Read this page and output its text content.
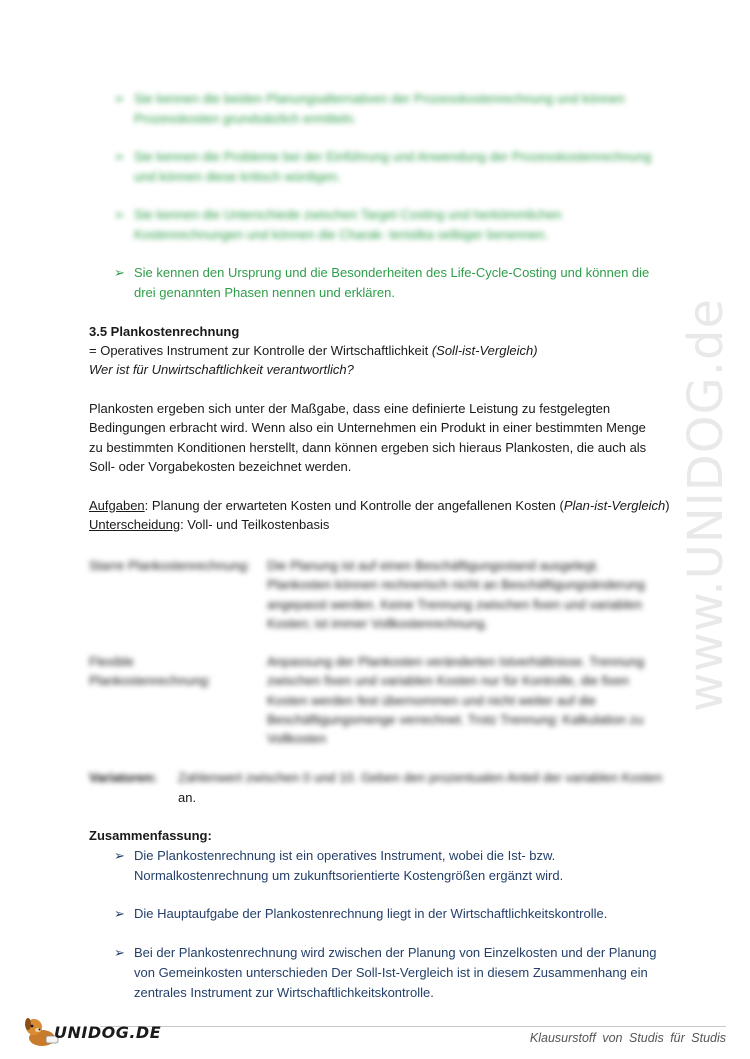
➢ Sie kennen die beiden Planungsalternativen der Prozesskostenrechnung und können Prozesskosten grundsätzlich ermitteln.
➢ Sie kennen die Probleme bei der Einführung und Anwendung der Prozesskostenrechnung und können diese kritisch würdigen.
➢ Sie kennen die Unterschiede zwischen Target Costing und herkömmlichen Kostenrechnungen und können die Charak- teristika selbiger benennen.
➢ Sie kennen den Ursprung und die Besonderheiten des Life-Cycle-Costing und können die drei genannten Phasen nennen und erklären.
3.5 Plankostenrechnung
= Operatives Instrument zur Kontrolle der Wirtschaftlichkeit (Soll-ist-Vergleich)
Wer ist für Unwirtschaftlichkeit verantwortlich?
Plankosten ergeben sich unter der Maßgabe, dass eine definierte Leistung zu festgelegten Bedingungen erbracht wird. Wenn also ein Unternehmen ein Produkt in einer bestimmten Menge zu bestimmten Konditionen herstellt, dann können ergeben sich hieraus Plankosten, die auch als Soll- oder Vorgabekosten bezeichnet werden.
Aufgaben: Planung der erwarteten Kosten und Kontrolle der angefallenen Kosten (Plan-ist-Vergleich)
Unterscheidung: Voll- und Teilkostenbasis
Starre Plankostenrechnung:	Die Planung ist auf einen Beschäftigungsstand ausgelegt. Plankosten können rechnerisch nicht an Beschäftigungsänderung angepasst werden. Keine Trennung zwischen fixen und variablen Kosten; ist immer Vollkostenrechnung.
Flexible Plankostenrechnung:
Anpassung der Plankosten veränderten Istverhältnisse. Trennung zwischen fixen und variablen Kosten nur für Kontrolle, die fixen Kosten werden fest übernommen und nicht weiter auf die Beschäftigungsmenge verrechnet. Trotz Trennung: Kalkulation zu Vollkosten
Variatoren:	Zahlenwert zwischen 0 und 10. Geben den prozentualen Anteil der variablen Kosten
an.
Zusammenfassung:
➢ Die Plankostenrechnung ist ein operatives Instrument, wobei die Ist- bzw. Normalkostenrechnung um zukunftsorientierte Kostengrößen ergänzt wird.
➢ Die Hauptaufgabe der Plankostenrechnung liegt in der Wirtschaftlichkeitskontrolle.
➢ Bei der Plankostenrechnung wird zwischen der Planung von Einzelkosten und der Planung von Gemeinkosten unterschieden Der Soll-Ist-Vergleich ist in diesem Zusammenhang ein zentrales Instrument zur Wirtschaftlichkeitskontrolle.
www.UNIDOG.de
UNIDOG.DE	Klausurstoff von Studis für Studis
